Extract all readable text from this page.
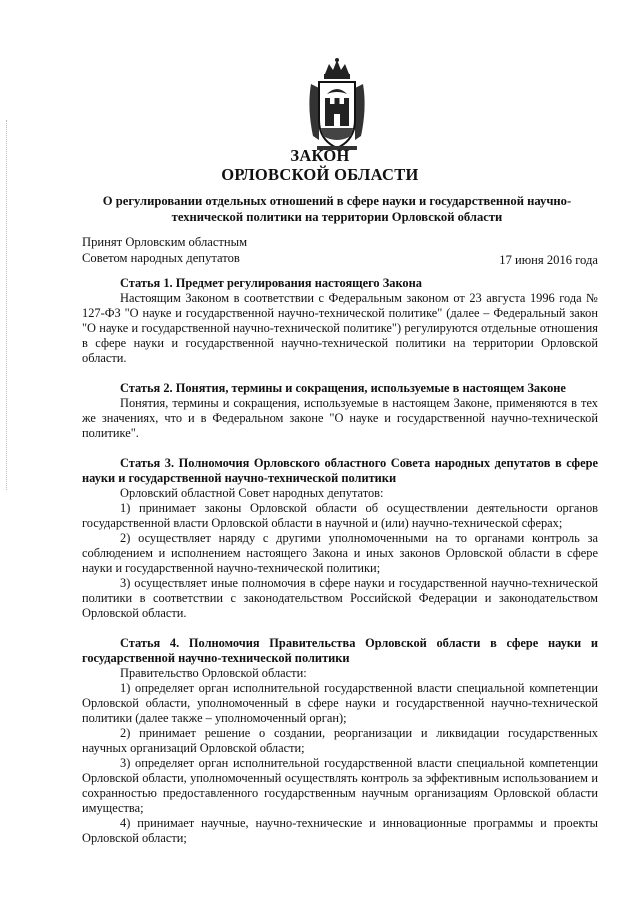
ЗАКОН
ОРЛОВСКОЙ ОБЛАСТИ
О регулировании отдельных отношений в сфере науки и государственной научно-технической политики на территории Орловской области
Принят Орловским областным
Советом народных депутатов	17 июня 2016 года

Статья 1. Предмет регулирования настоящего Закона

Настоящим Законом в соответствии с Федеральным законом от 23 августа 1996 года № 127-ФЗ "О науке и государственной научно-технической политике" (далее – Федеральный закон "О науке и государственной научно-технической политике") регулируются отдельные отношения в сфере науки и государственной научно-технической политики на территории Орловской области.

Статья 2. Понятия, термины и сокращения, используемые в настоящем Законе

Понятия, термины и сокращения, используемые в настоящем Законе, применяются в тех же значениях, что и в Федеральном законе "О науке и государственной научно-технической политике".

Статья 3. Полномочия Орловского областного Совета народных депутатов в сфере науки и государственной научно-технической политики

Орловский областной Совет народных депутатов:

1) принимает законы Орловской области об осуществлении деятельности органов государственной власти Орловской области в научной и (или) научно-технической сферах;

2) осуществляет наряду с другими уполномоченными на то органами контроль за соблюдением и исполнением настоящего Закона и иных законов Орловской области в сфере науки и государственной научно-технической политики;

3) осуществляет иные полномочия в сфере науки и государственной научно-технической политики в соответствии с законодательством Российской Федерации и законодательством Орловской области.

Статья 4. Полномочия Правительства Орловской области в сфере науки и государственной научно-технической политики

Правительство Орловской области:

1) определяет орган исполнительной государственной власти специальной компетенции Орловской области, уполномоченный в сфере науки и государственной научно-технической политики (далее также – уполномоченный орган);

2) принимает решение о создании, реорганизации и ликвидации государственных научных организаций Орловской области;

3) определяет орган исполнительной государственной власти специальной компетенции Орловской области, уполномоченный осуществлять контроль за эффективным использованием и сохранностью предоставленного государственным научным организациям Орловской области имущества;

4) принимает научные, научно-технические и инновационные программы и проекты Орловской области;
